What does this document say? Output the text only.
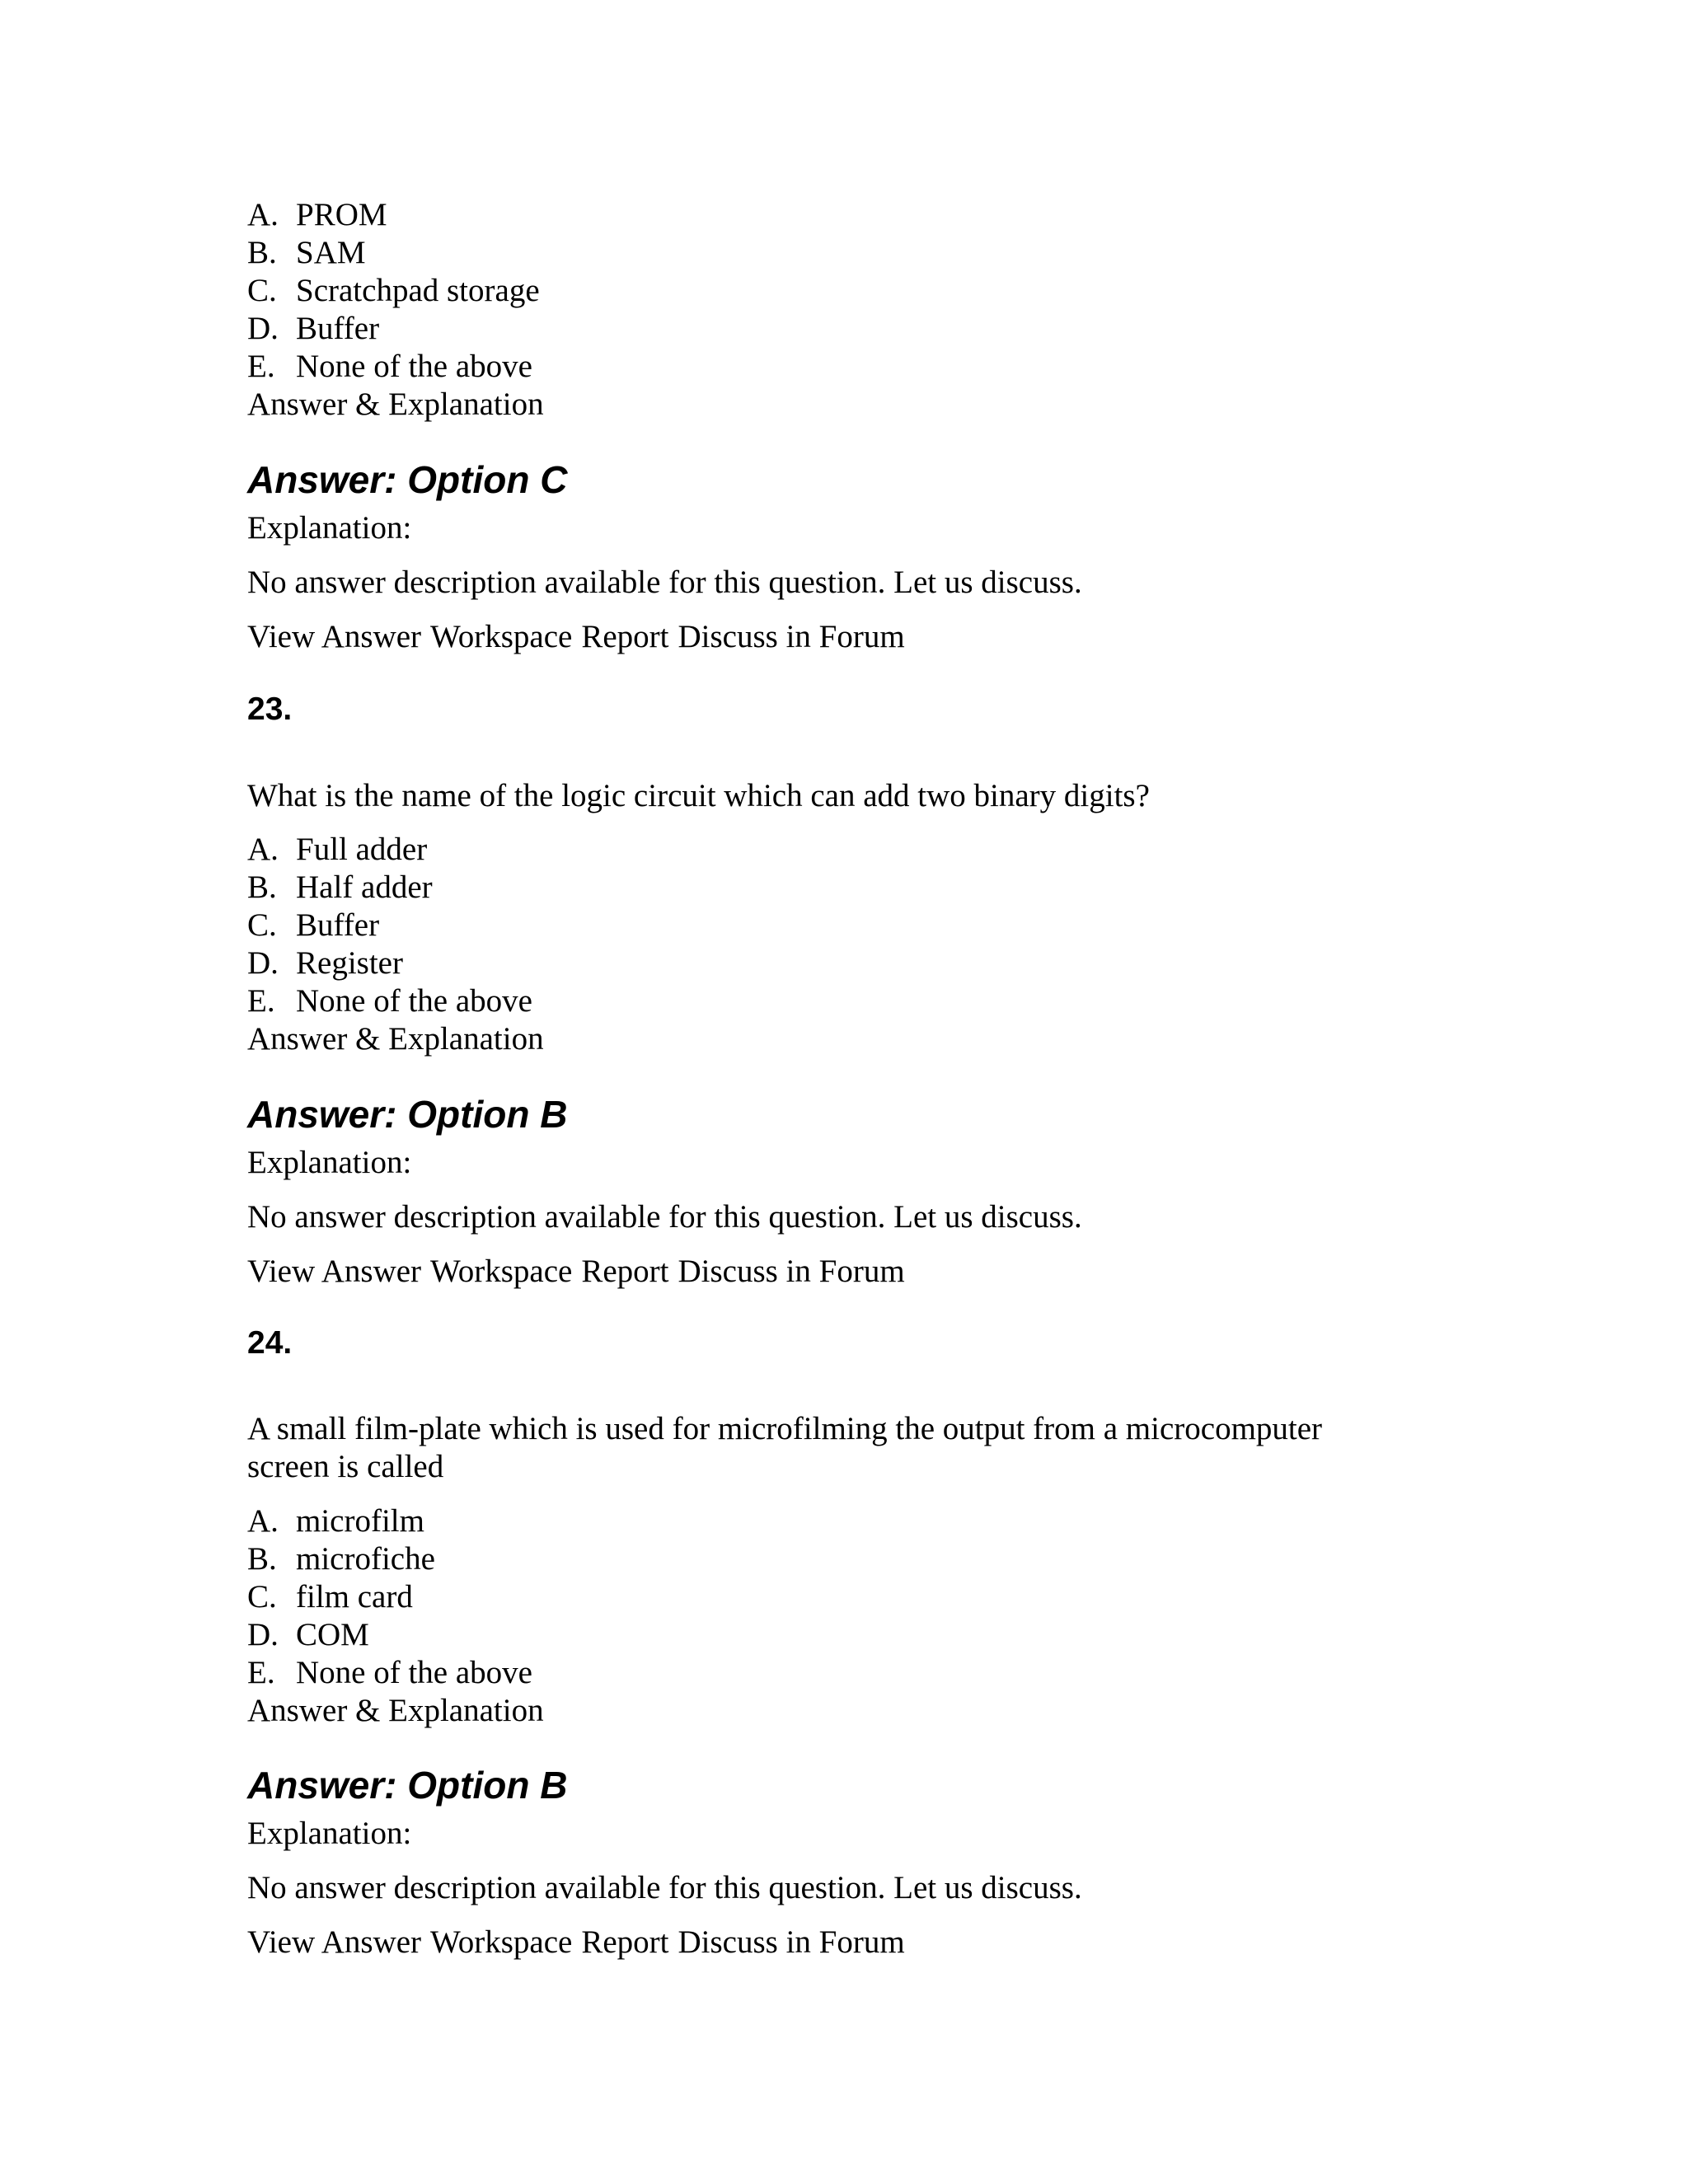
A. PROM
B. SAM
C. Scratchpad storage
D. Buffer
E. None of the above
Answer & Explanation
Answer: Option C
Explanation:
No answer description available for this question. Let us discuss.
View Answer Workspace Report Discuss in Forum
23.
What is the name of the logic circuit which can add two binary digits?
A. Full adder
B. Half adder
C. Buffer
D. Register
E. None of the above
Answer & Explanation
Answer: Option B
Explanation:
No answer description available for this question. Let us discuss.
View Answer Workspace Report Discuss in Forum
24.
A small film-plate which is used for microfilming the output from a microcomputer screen is called
A. microfilm
B. microfiche
C. film card
D. COM
E. None of the above
Answer & Explanation
Answer: Option B
Explanation:
No answer description available for this question. Let us discuss.
View Answer Workspace Report Discuss in Forum
